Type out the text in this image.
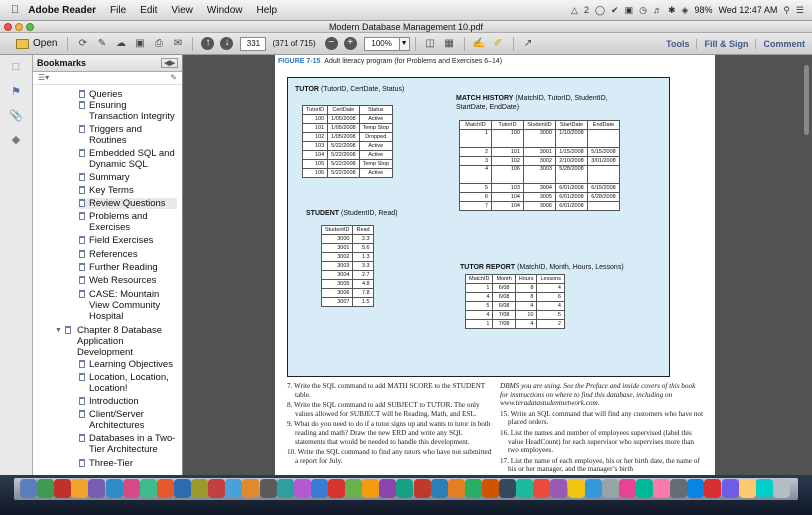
Adobe Reader File Edit View Window Help	△ 2 ◯ ✔ ▣ ◷ ♬ ✱ ◈ 98% Wed 12:47 AM ⚲ ☰
Modern Database Management 10.pdf
Open	⟳	✎ ☁ ▣	⎙	✉	↑	↓	331	(371 of 715)	−	+	100%	▼ ◫ ▦ ✍ ✐	↗	Tools	Fill & Sign	Comment
□
⚑
📎
◆
Bookmarks	◀▶
☰▾	✎
Queries
Ensuring Transaction Integrity
Triggers and Routines
Embedded SQL and Dynamic SQL
Summary
Key Terms
Review Questions
Problems and Exercises
Field Exercises
References
Further Reading
Web Resources
CASE: Mountain View Community Hospital
▼ Chapter 8 Database Application Development
Learning Objectives
Location, Location, Location!
Introduction
Client/Server Architectures
Databases in a Two-Tier Architecture
Three-Tier
FIGURE 7-15 Adult literacy program (for Problems and Exercises 6–14)
TUTOR (TutorID, CertDate, Status)
TutorID	CertDate	Status
100	1/05/2008	Active
101	1/05/2008	Temp Stop
102	1/05/2008	Dropped
103	5/22/2008	Active
104	5/22/2008	Active
105	5/22/2008	Temp Stop
106	5/22/2008	Active
STUDENT (StudentID, Read)
StudentID	Read
3000	2.3
3001	5.6
3002	1.3
3003	3.3
3004	2.7
3005	4.8
3006	7.8
3007	1.5
MATCH HISTORY (MatchID, TutorID, StudentID, StartDate, EndDate)
MatchID	TutorID	StudentID	StartDate	EndDate
1	100	3000	1/10/2008	
2	101	3001	1/15/2008	5/15/2008
3	102	3002	2/10/2008	3/01/2008
4	106	3003	5/28/2008	
5	103	3004	6/01/2008	6/15/2008
6	104	3005	6/01/2008	6/28/2008
7	104	3006	6/01/2008	
TUTOR REPORT (MatchID, Month, Hours, Lessons)
MatchID	Month	Hours	Lessons
1	6/08	8	4
4	6/08	8	6
5	6/08	4	4
4	7/08	10	5
1	7/08	4	2

7. Write the SQL command to add MATH SCORE to the STUDENT table.

8. Write the SQL command to add SUBJECT to TUTOR. The only values allowed for SUBJECT will be Reading, Math, and ESL.

9. What do you need to do if a tutor signs up and wants to tutor in both reading and math? Draw the new ERD and write any SQL statements that would be needed to handle this development.

10. Write the SQL command to find any tutors who have not submitted a report for July.

DBMS you are using. See the Preface and inside covers of this book for instructions on where to find this database, including on www.teradatastudentnetwork.com.

15. Write an SQL command that will find any customers who have not placed orders.

16. List the names and number of employees supervised (label this value HeadCount) for each supervisor who supervises more than two employees.

17. List the name of each employee, his or her birth date, the name of his or her manager, and the manager’s birth
